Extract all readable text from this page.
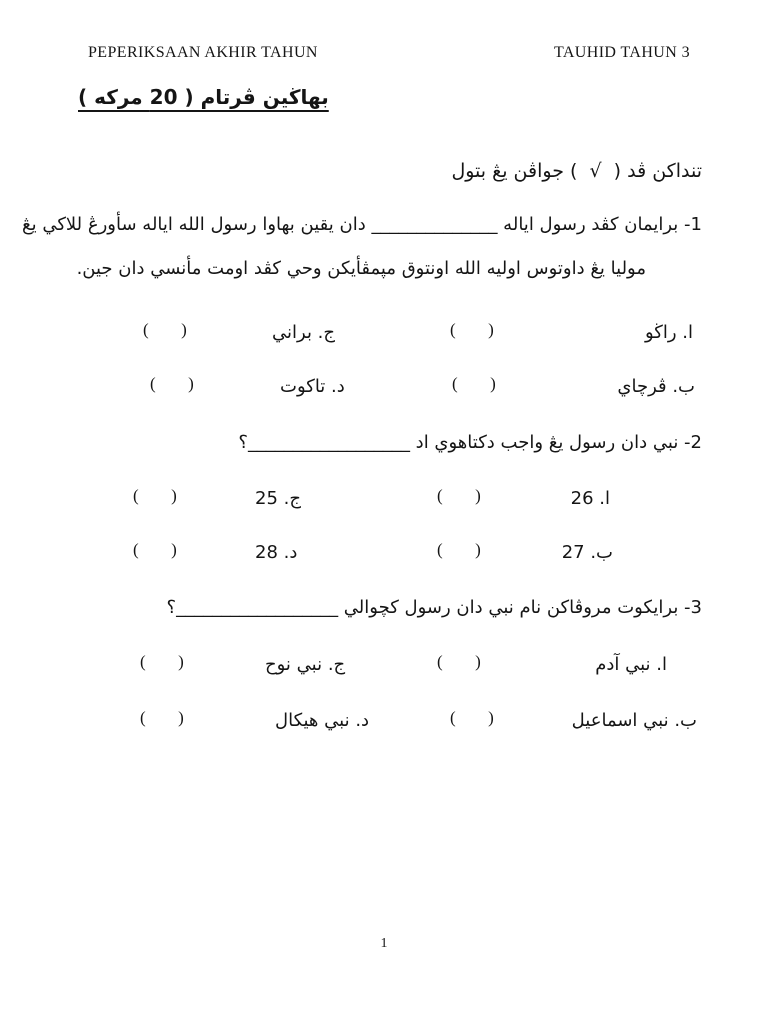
PEPERIKSAAN AKHIR TAHUN	TAUHID TAHUN 3
بهاڬين ڤرتام ( 20 مركه )
تنداكن ڤد (  √  ) جواڤن يڠ بتول
1- برايمان كڤد رسول اياله ______________ دان يقين بهاوا رسول الله اياله سأورڠ للاكي يڠ
موليا يڠ داوتوس اوليه الله اونتوق مڽمڤأيكن وحي كڤد اومت مأنسي دان جين.
ا. راڬو
(      )
ج. براني
(      )
ب. ڤرچاي
(      )
د. تاكوت
(      )
2- نبي دان رسول يڠ واجب دكتاهوي اد __________________؟
ا. 26
(      )
ج. 25
(      )
ب. 27
(      )
د. 28
(      )
3- برايكوت مروڤاكن نام نبي دان رسول كچوالي __________________؟
ا. نبي آدم
(      )
ج. نبي نوح
(      )
ب. نبي اسماعيل
(      )
د. نبي هيكال
(      )
1
